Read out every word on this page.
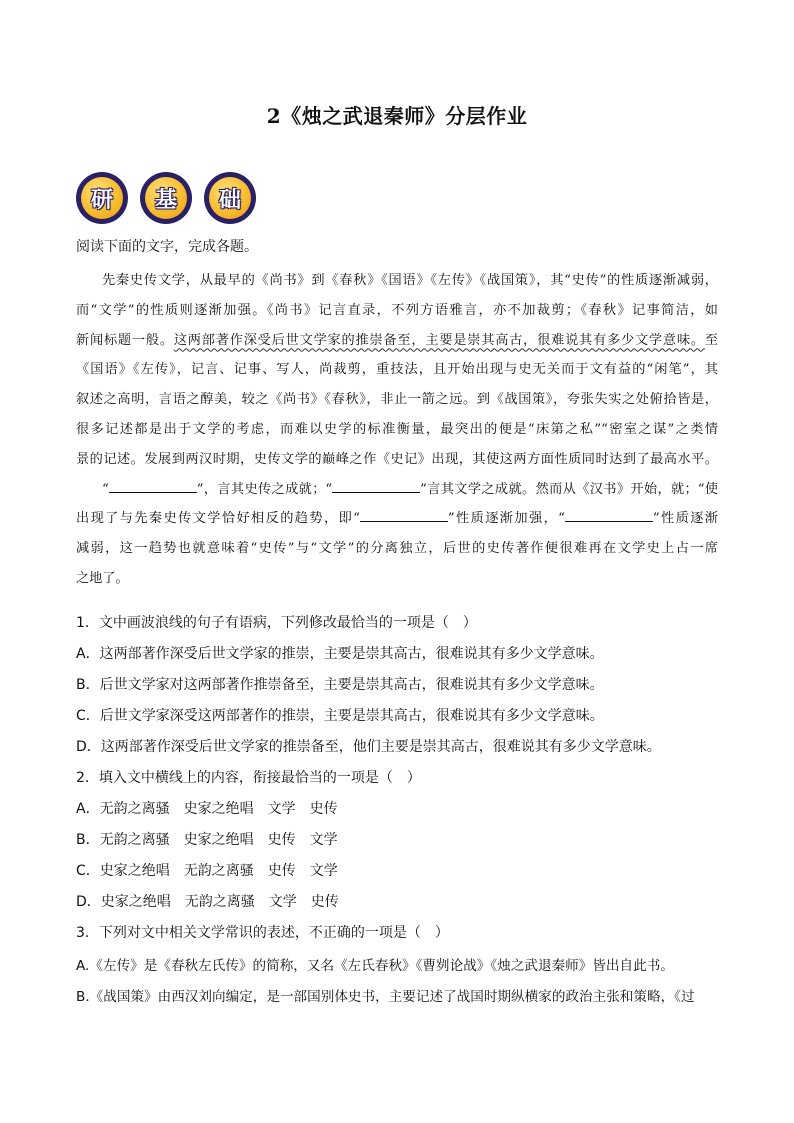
2《烛之武退秦师》分层作业
研	基	础
阅读下面的文字，完成各题。
先秦史传文学，从最早的《尚书》到《春秋》《国语》《左传》《战国策》，其“史传”的性质逐渐减弱，
而“文学”的性质则逐渐加强。《尚书》记言直录，不列方语雅言，亦不加裁剪；《春秋》记事简洁，如
新闻标题一般。这两部著作深受后世文学家的推崇备至，主要是崇其高古，很难说其有多少文学意味。至
《国语》《左传》，记言、记事、写人，尚裁剪，重技法，且开始出现与史无关而于文有益的“闲笔”，其
叙述之高明，言语之醇美，较之《尚书》《春秋》，非止一箭之远。到《战国策》，夸张失实之处俯拾皆是，
很多记述都是出于文学的考虑，而难以史学的标准衡量，最突出的便是“床第之私”“密室之谋”之类情
景的记述。发展到两汉时期，史传文学的巅峰之作《史记》出现，其使这两方面性质同时达到了最高水平。
“	”，言其史传之成就；“	”言其文学之成就。然而从《汉书》开始，就；“使
出现了与先秦史传文学恰好相反的趋势，即“	”性质逐渐加强，“	”性质逐渐
减弱，这一趋势也就意味着“史传”与“文学”的分离独立，后世的史传著作便很难再在文学史上占一席
之地了。
1．文中画波浪线的句子有语病，下列修改最恰当的一项是（　）
A．这两部著作深受后世文学家的推崇，主要是崇其高古，很难说其有多少文学意味。
B．后世文学家对这两部著作推崇备至，主要是崇其高古，很难说其有多少文学意味。
C．后世文学家深受这两部著作的推崇，主要是崇其高古，很难说其有多少文学意味。
D．这两部著作深受后世文学家的推崇备至，他们主要是崇其高古，很难说其有多少文学意味。
2．填入文中横线上的内容，衔接最恰当的一项是（　）
A．无韵之离骚 史家之绝唱 文学 史传
B．无韵之离骚 史家之绝唱 史传 文学
C．史家之绝唱 无韵之离骚 史传 文学
D．史家之绝唱 无韵之离骚 文学 史传
3．下列对文中相关文学常识的表述，不正确的一项是（　）
A.《左传》是《春秋左氏传》的简称，又名《左氏春秋》《曹刿论战》《烛之武退秦师》皆出自此书。
B.《战国策》由西汉刘向编定，是一部国别体史书，主要记述了战国时期纵横家的政治主张和策略，《过
